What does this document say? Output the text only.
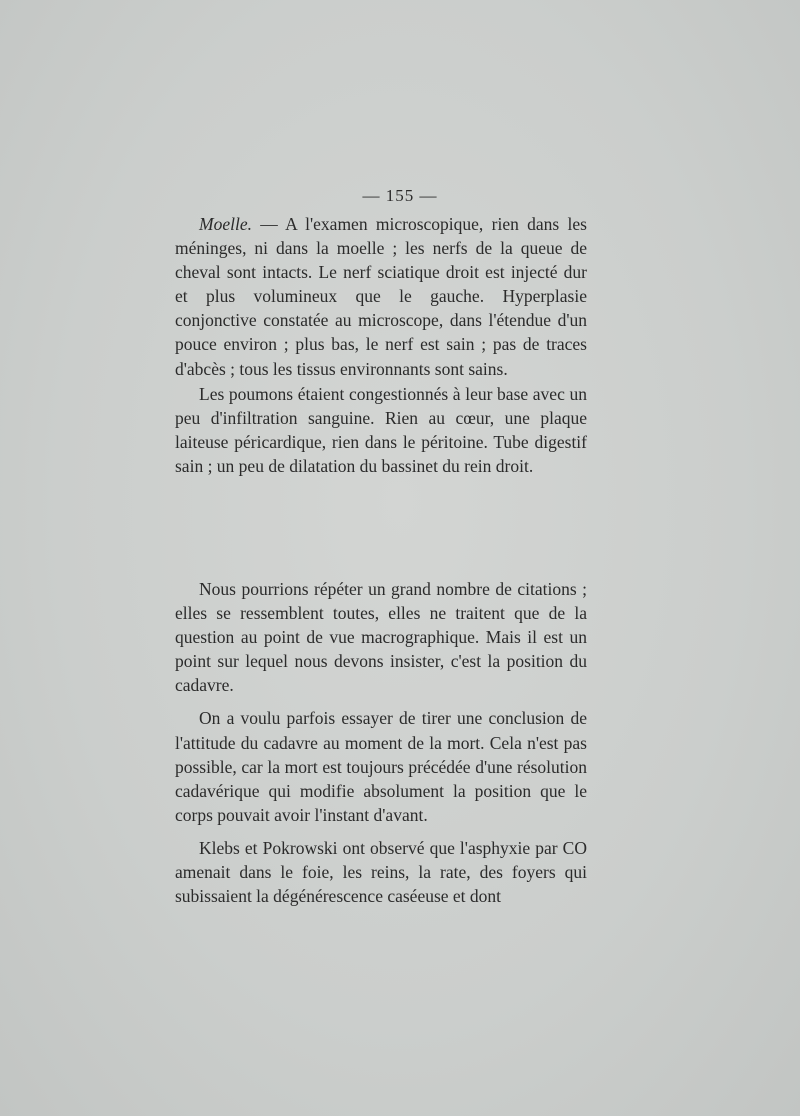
— 155 —

Moelle. — A l'examen microscopique, rien dans les méninges, ni dans la moelle ; les nerfs de la queue de cheval sont intacts. Le nerf sciatique droit est injecté dur et plus volumineux que le gauche. Hyperplasie conjonctive constatée au microscope, dans l'étendue d'un pouce environ ; plus bas, le nerf est sain ; pas de traces d'abcès ; tous les tissus environnants sont sains.

Les poumons étaient congestionnés à leur base avec un peu d'infiltration sanguine. Rien au cœur, une plaque laiteuse péricardique, rien dans le péritoine. Tube digestif sain ; un peu de dilatation du bassinet du rein droit.

Nous pourrions répéter un grand nombre de citations ; elles se ressemblent toutes, elles ne traitent que de la question au point de vue macrographique. Mais il est un point sur lequel nous devons insister, c'est la position du cadavre.

On a voulu parfois essayer de tirer une conclusion de l'attitude du cadavre au moment de la mort. Cela n'est pas possible, car la mort est toujours précédée d'une résolution cadavérique qui modifie absolument la position que le corps pouvait avoir l'instant d'avant.

Klebs et Pokrowski ont observé que l'asphyxie par CO amenait dans le foie, les reins, la rate, des foyers qui subissaient la dégénérescence caséeuse et dont
